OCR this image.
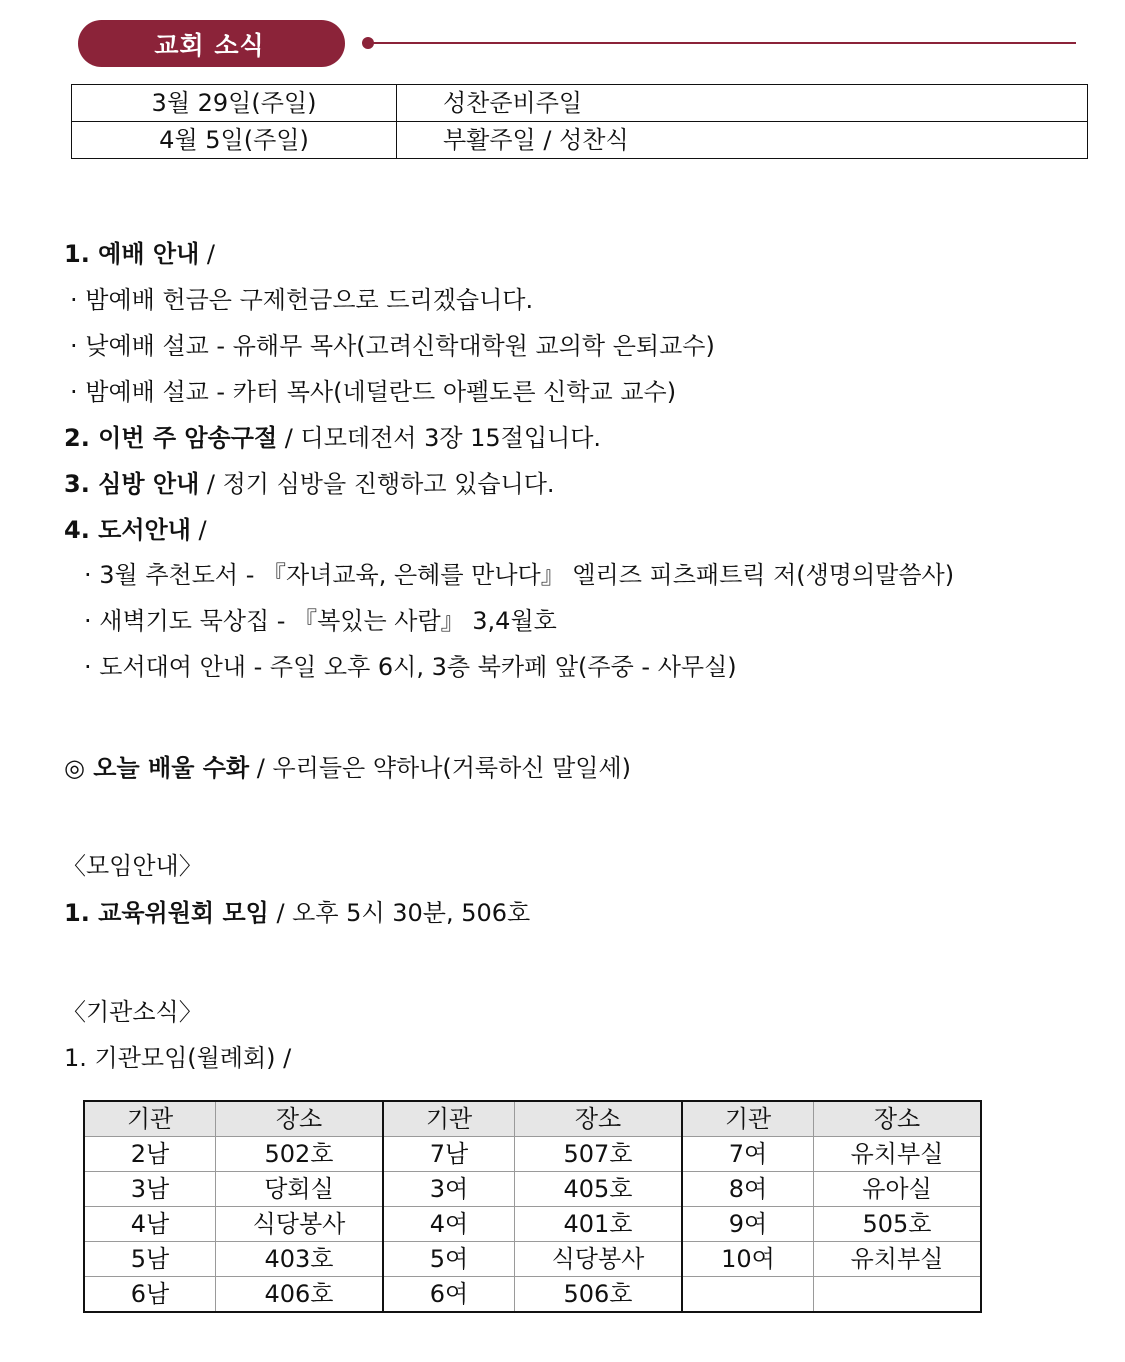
교회 소식
3월 29일(주일)	성찬준비주일
4월 5일(주일)	부활주일 / 성찬식
1. 예배 안내 /
· 밤예배 헌금은 구제헌금으로 드리겠습니다.
· 낮예배 설교 - 유해무 목사(고려신학대학원 교의학 은퇴교수)
· 밤예배 설교 - 카터 목사(네덜란드 아펠도른 신학교 교수)
2. 이번 주 암송구절 / 디모데전서 3장 15절입니다.
3. 심방 안내 / 정기 심방을 진행하고 있습니다.
4. 도서안내 /
· 3월 추천도서 - 『자녀교육, 은혜를 만나다』 엘리즈 피츠패트릭 저(생명의말씀사)
· 새벽기도 묵상집 - 『복있는 사람』 3,4월호
· 도서대여 안내 - 주일 오후 6시, 3층 북카페 앞(주중 - 사무실)
◎ 오늘 배울 수화 / 우리들은 약하나(거룩하신 말일세)
〈모임안내〉
1. 교육위원회 모임 / 오후 5시 30분, 506호
〈기관소식〉
1. 기관모임(월례회) /
기관	장소	기관	장소	기관	장소
2남	502호	7남	507호	7여	유치부실
3남	당회실	3여	405호	8여	유아실
4남	식당봉사	4여	401호	9여	505호
5남	403호	5여	식당봉사	10여	유치부실
6남	406호	6여	506호		
